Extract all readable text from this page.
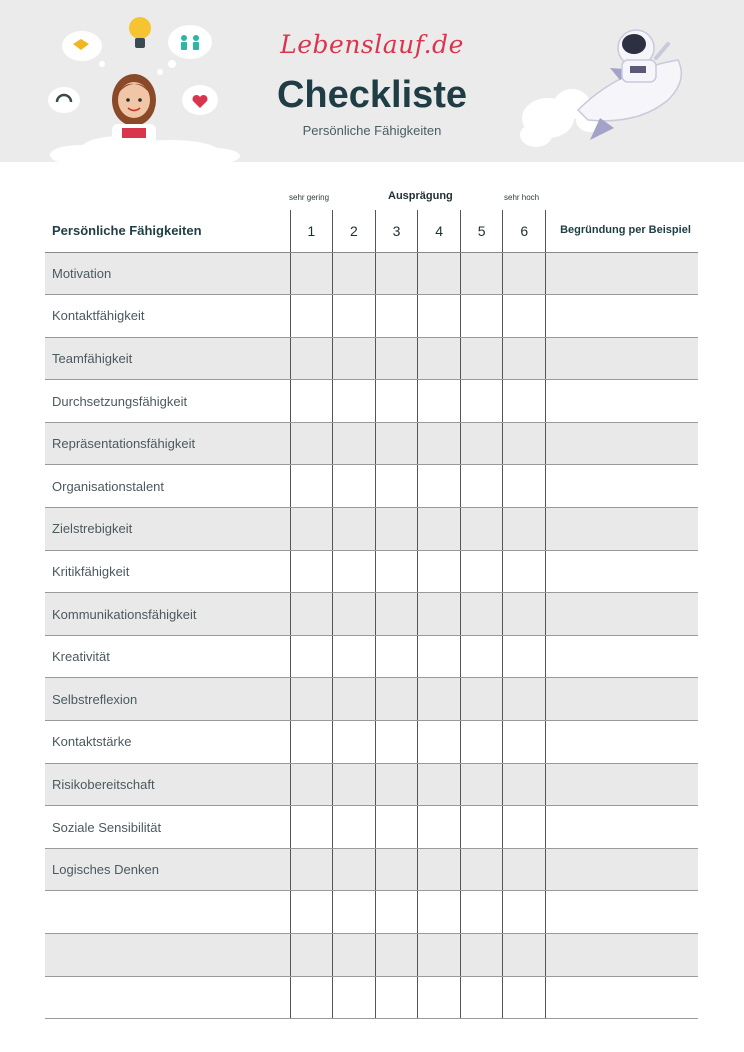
Lebenslauf.de
Checkliste
Persönliche Fähigkeiten
sehr gering	Ausprägung	sehr hoch
Persönliche Fähigkeiten	1	2	3	4	5	6	Begründung per Beispiel
Motivation							
Kontaktfähigkeit							
Teamfähigkeit							
Durchsetzungsfähigkeit							
Repräsentationsfähigkeit							
Organisationstalent							
Zielstrebigkeit							
Kritikfähigkeit							
Kommunikationsfähigkeit							
Kreativität							
Selbstreflexion							
Kontaktstärke							
Risikobereitschaft							
Soziale Sensibilität							
Logisches Denken							
